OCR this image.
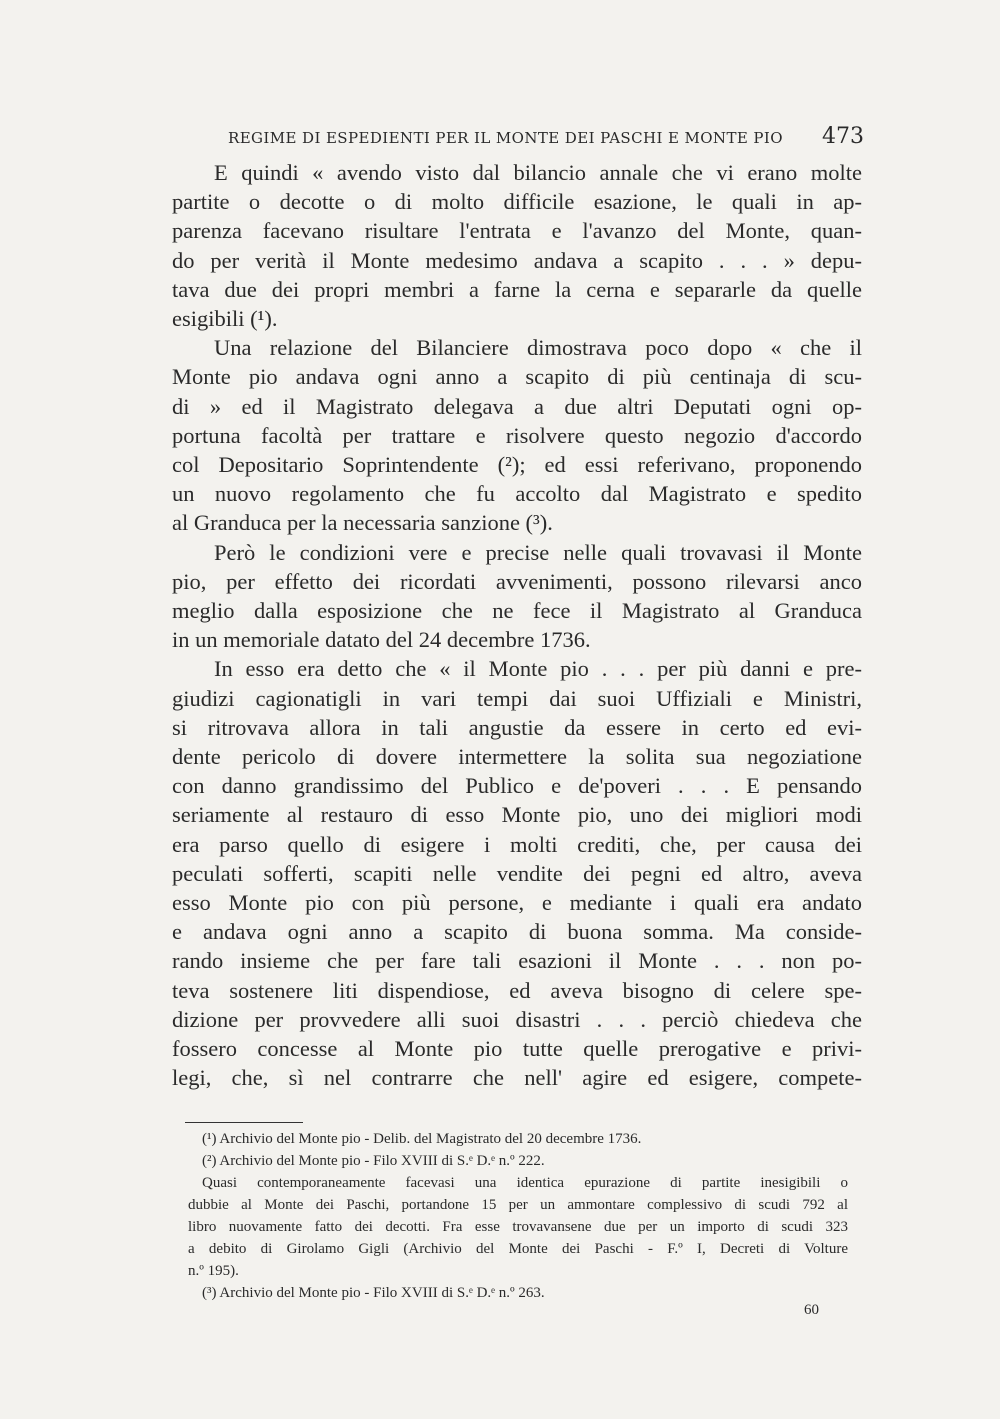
REGIME DI ESPEDIENTI PER IL MONTE DEI PASCHI E MONTE PIO 473
E quindi « avendo visto dal bilancio annale che vi erano molte
partite o decotte o di molto difficile esazione, le quali in ap-
parenza facevano risultare l'entrata e l'avanzo del Monte, quan-
do per verità il Monte medesimo andava a scapito . . . » depu-
tava due dei propri membri a farne la cerna e separarle da quelle
esigibili (¹).
Una relazione del Bilanciere dimostrava poco dopo « che il
Monte pio andava ogni anno a scapito di più centinaja di scu-
di » ed il Magistrato delegava a due altri Deputati ogni op-
portuna facoltà per trattare e risolvere questo negozio d'accordo
col Depositario Soprintendente (²); ed essi referivano, proponendo
un nuovo regolamento che fu accolto dal Magistrato e spedito
al Granduca per la necessaria sanzione (³).
Però le condizioni vere e precise nelle quali trovavasi il Monte
pio, per effetto dei ricordati avvenimenti, possono rilevarsi anco
meglio dalla esposizione che ne fece il Magistrato al Granduca
in un memoriale datato del 24 decembre 1736.
In esso era detto che « il Monte pio . . . per più danni e pre-
giudizi cagionatigli in vari tempi dai suoi Uffiziali e Ministri,
si ritrovava allora in tali angustie da essere in certo ed evi-
dente pericolo di dovere intermettere la solita sua negoziatione
con danno grandissimo del Publico e de'poveri . . . E pensando
seriamente al restauro di esso Monte pio, uno dei migliori modi
era parso quello di esigere i molti crediti, che, per causa dei
peculati sofferti, scapiti nelle vendite dei pegni ed altro, aveva
esso Monte pio con più persone, e mediante i quali era andato
e andava ogni anno a scapito di buona somma. Ma conside-
rando insieme che per fare tali esazioni il Monte . . . non po-
teva sostenere liti dispendiose, ed aveva bisogno di celere spe-
dizione per provvedere alli suoi disastri . . . perciò chiedeva che
fossero concesse al Monte pio tutte quelle prerogative e privi-
legi, che, sì nel contrarre che nell' agire ed esigere, compete-
(¹) Archivio del Monte pio - Delib. del Magistrato del 20 decembre 1736.
(²) Archivio del Monte pio - Filo XVIII di S.ᵉ D.ᵉ n.º 222.
Quasi contemporaneamente facevasi una identica epurazione di partite inesigibili o
dubbie al Monte dei Paschi, portandone 15 per un ammontare complessivo di scudi 792 al
libro nuovamente fatto dei decotti. Fra esse trovavansene due per un importo di scudi 323
a debito di Girolamo Gigli (Archivio del Monte dei Paschi - F.º I, Decreti di Volture
n.º 195).
(³) Archivio del Monte pio - Filo XVIII di S.ᵉ D.ᵉ n.º 263.
60
